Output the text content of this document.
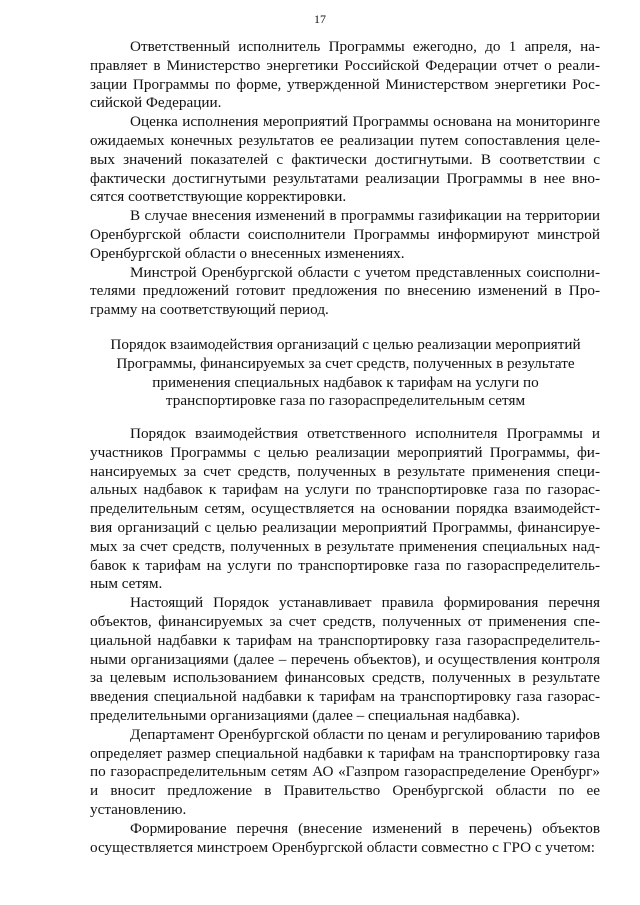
17

Ответственный исполнитель Программы ежегодно, до 1 апреля, направляет в Министерство энергетики Российской Федерации отчет о реализации Программы по форме, утвержденной Министерством энергетики Российской Федерации.

Оценка исполнения мероприятий Программы основана на мониторинге ожидаемых конечных результатов ее реализации путем сопоставления целевых значений показателей с фактически достигнутыми. В соответствии с фактически достигнутыми результатами реализации Программы в нее вносятся соответствующие корректировки.

В случае внесения изменений в программы газификации на территории Оренбургской области соисполнители Программы информируют минстрой Оренбургской области о внесенных изменениях.

Минстрой Оренбургской области с учетом представленных соисполнителями предложений готовит предложения по внесению изменений в Программу на соответствующий период.

Порядок взаимодействия организаций с целью реализации мероприятий Программы, финансируемых за счет средств, полученных в результате применения специальных надбавок к тарифам на услуги по транспортировке газа по газораспределительным сетям

Порядок взаимодействия ответственного исполнителя Программы и участников Программы с целью реализации мероприятий Программы, финансируемых за счет средств, полученных в результате применения специальных надбавок к тарифам на услуги по транспортировке газа по газораспределительным сетям, осуществляется на основании порядка взаимодействия организаций с целью реализации мероприятий Программы, финансируемых за счет средств, полученных в результате применения специальных надбавок к тарифам на услуги по транспортировке газа по газораспределительным сетям.

Настоящий Порядок устанавливает правила формирования перечня объектов, финансируемых за счет средств, полученных от применения специальной надбавки к тарифам на транспортировку газа газораспределительными организациями (далее – перечень объектов), и осуществления контроля за целевым использованием финансовых средств, полученных в результате введения специальной надбавки к тарифам на транспортировку газа газораспределительными организациями (далее – специальная надбавка).

Департамент Оренбургской области по ценам и регулированию тарифов определяет размер специальной надбавки к тарифам на транспортировку газа по газораспределительным сетям АО «Газпром газораспределение Оренбург» и вносит предложение в Правительство Оренбургской области по ее установлению.

Формирование перечня (внесение изменений в перечень) объектов осуществляется минстроем Оренбургской области совместно с ГРО с учетом:
